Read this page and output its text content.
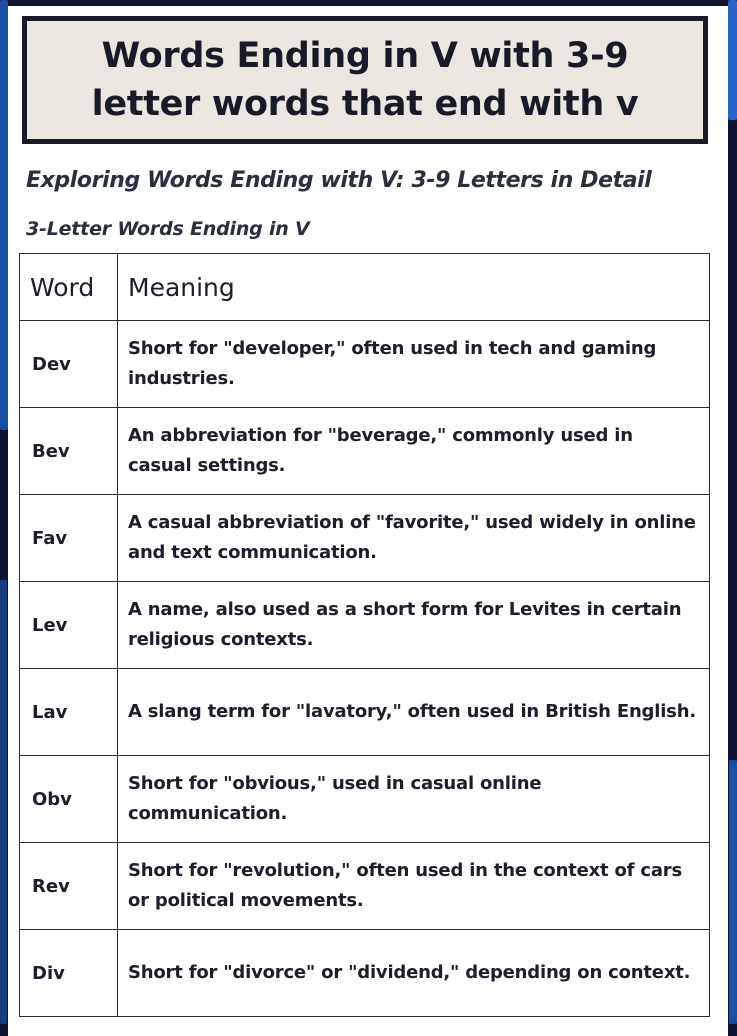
Words Ending in V with 3-9
letter words that end with v
Exploring Words Ending with V: 3-9 Letters in Detail
3-Letter Words Ending in V
Word	Meaning
Dev	Short for "developer," often used in tech and gaming industries.
Bev	An abbreviation for "beverage," commonly used in casual settings.
Fav	A casual abbreviation of "favorite," used widely in online and text communication.
Lev	A name, also used as a short form for Levites in certain religious contexts.
Lav	A slang term for "lavatory," often used in British English.
Obv	Short for "obvious," used in casual online communication.
Rev	Short for "revolution," often used in the context of cars or political movements.
Div	Short for "divorce" or "dividend," depending on context.
